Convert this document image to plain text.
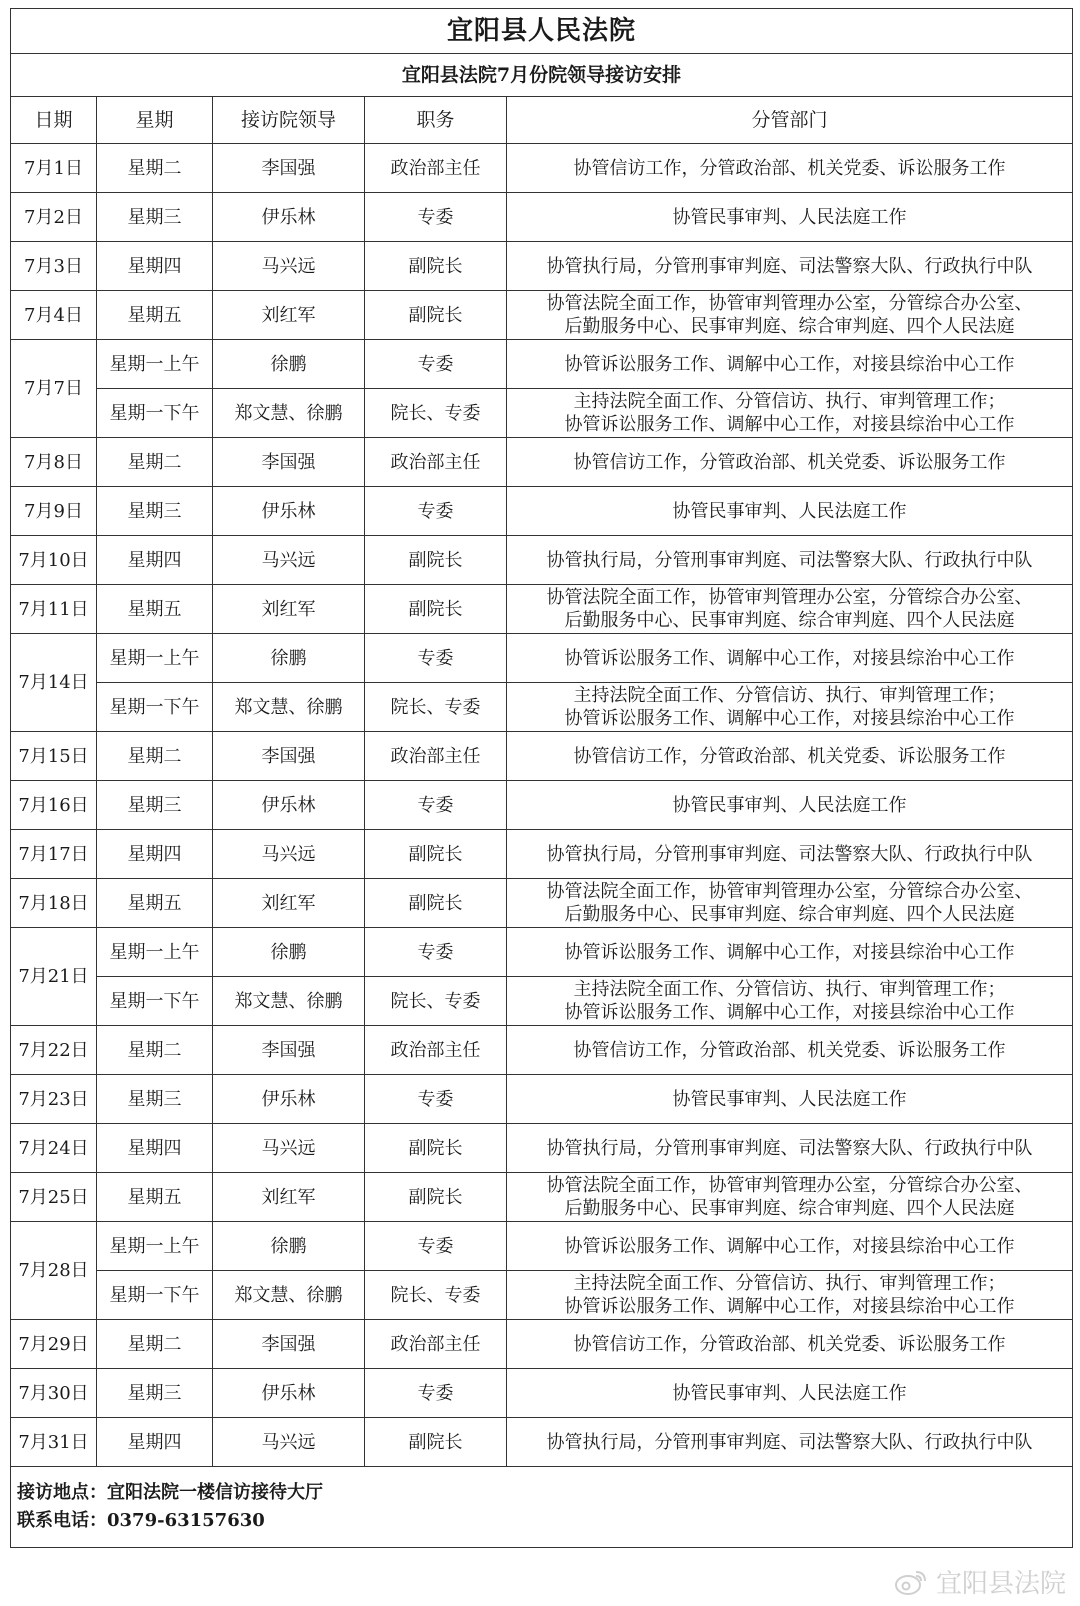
宜阳县人民法院				
宜阳县法院7月份院领导接访安排				
日期	星期	接访院领导	职务	分管部门
7月1日	星期二	李国强	政治部主任	协管信访工作，分管政治部、机关党委、诉讼服务工作
7月2日	星期三	伊乐林	专委	协管民事审判、人民法庭工作
7月3日	星期四	马兴远	副院长	协管执行局，分管刑事审判庭、司法警察大队、行政执行中队
7月4日	星期五	刘红军	副院长	协管法院全面工作，协管审判管理办公室，分管综合办公室、
后勤服务中心、民事审判庭、综合审判庭、四个人民法庭
7月7日	星期一上午	徐鹏	专委	协管诉讼服务工作、调解中心工作，对接县综治中心工作
	星期一下午	郑文慧、徐鹏	院长、专委	主持法院全面工作、分管信访、执行、审判管理工作；
协管诉讼服务工作、调解中心工作，对接县综治中心工作
7月8日	星期二	李国强	政治部主任	协管信访工作，分管政治部、机关党委、诉讼服务工作
7月9日	星期三	伊乐林	专委	协管民事审判、人民法庭工作
7月10日	星期四	马兴远	副院长	协管执行局，分管刑事审判庭、司法警察大队、行政执行中队
7月11日	星期五	刘红军	副院长	协管法院全面工作，协管审判管理办公室，分管综合办公室、
后勤服务中心、民事审判庭、综合审判庭、四个人民法庭
7月14日	星期一上午	徐鹏	专委	协管诉讼服务工作、调解中心工作，对接县综治中心工作
	星期一下午	郑文慧、徐鹏	院长、专委	主持法院全面工作、分管信访、执行、审判管理工作；
协管诉讼服务工作、调解中心工作，对接县综治中心工作
7月15日	星期二	李国强	政治部主任	协管信访工作，分管政治部、机关党委、诉讼服务工作
7月16日	星期三	伊乐林	专委	协管民事审判、人民法庭工作
7月17日	星期四	马兴远	副院长	协管执行局，分管刑事审判庭、司法警察大队、行政执行中队
7月18日	星期五	刘红军	副院长	协管法院全面工作，协管审判管理办公室，分管综合办公室、
后勤服务中心、民事审判庭、综合审判庭、四个人民法庭
7月21日	星期一上午	徐鹏	专委	协管诉讼服务工作、调解中心工作，对接县综治中心工作
	星期一下午	郑文慧、徐鹏	院长、专委	主持法院全面工作、分管信访、执行、审判管理工作；
协管诉讼服务工作、调解中心工作，对接县综治中心工作
7月22日	星期二	李国强	政治部主任	协管信访工作，分管政治部、机关党委、诉讼服务工作
7月23日	星期三	伊乐林	专委	协管民事审判、人民法庭工作
7月24日	星期四	马兴远	副院长	协管执行局，分管刑事审判庭、司法警察大队、行政执行中队
7月25日	星期五	刘红军	副院长	协管法院全面工作，协管审判管理办公室，分管综合办公室、
后勤服务中心、民事审判庭、综合审判庭、四个人民法庭
7月28日	星期一上午	徐鹏	专委	协管诉讼服务工作、调解中心工作，对接县综治中心工作
	星期一下午	郑文慧、徐鹏	院长、专委	主持法院全面工作、分管信访、执行、审判管理工作；
协管诉讼服务工作、调解中心工作，对接县综治中心工作
7月29日	星期二	李国强	政治部主任	协管信访工作，分管政治部、机关党委、诉讼服务工作
7月30日	星期三	伊乐林	专委	协管民事审判、人民法庭工作
7月31日	星期四	马兴远	副院长	协管执行局，分管刑事审判庭、司法警察大队、行政执行中队

接访地点：宜阳法院一楼信访接待大厅
联系电话：0379-63157630				
宜阳县法院
